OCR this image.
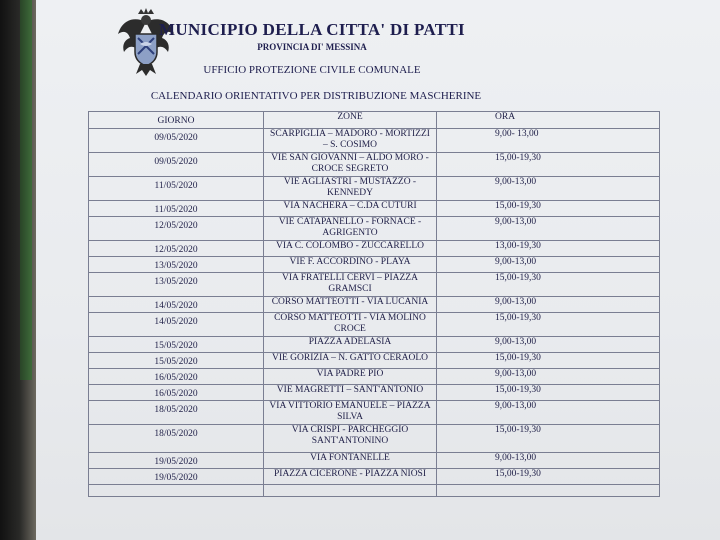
MUNICIPIO DELLA CITTA' DI PATTI
PROVINCIA DI' MESSINA
UFFICIO PROTEZIONE CIVILE COMUNALE
CALENDARIO ORIENTATIVO PER DISTRIBUZIONE MASCHERINE
GIORNO	ZONE	ORA
09/05/2020	SCARPIGLIA – MADORO - MORTIZZI – S. COSIMO	9,00- 13,00
09/05/2020	VIE SAN GIOVANNI – ALDO MORO - CROCE SEGRETO	15,00-19,30
11/05/2020	VIE AGLIASTRI - MUSTAZZO - KENNEDY	9,00-13,00
11/05/2020	VIA NACHERA – C.DA CUTURI	15,00-19,30
12/05/2020	VIE CATAPANELLO - FORNACE - AGRIGENTO	9,00-13,00
12/05/2020	VIA C. COLOMBO - ZUCCARELLO	13,00-19,30
13/05/2020	VIE F. ACCORDINO - PLAYA	9,00-13,00
13/05/2020	VIA FRATELLI CERVI – PIAZZA GRAMSCI	15,00-19,30
14/05/2020	CORSO MATTEOTTI - VIA LUCANIA	9,00-13,00
14/05/2020	CORSO MATTEOTTI - VIA MOLINO CROCE	15,00-19,30
15/05/2020	PIAZZA ADELASIA	9,00-13,00
15/05/2020	VIE GORIZIA – N. GATTO CERAOLO	15,00-19,30
16/05/2020	VIA PADRE PIO	9,00-13,00
16/05/2020	VIE MAGRETTI – SANT'ANTONIO	15,00-19,30
18/05/2020	VIA VITTORIO EMANUELE – PIAZZA SILVA	9,00-13,00
18/05/2020	VIA CRISPI - PARCHEGGIO SANT'ANTONINO	15,00-19,30
19/05/2020	VIA FONTANELLE	9,00-13,00
19/05/2020	PIAZZA CICERONE - PIAZZA NIOSI	15,00-19,30
